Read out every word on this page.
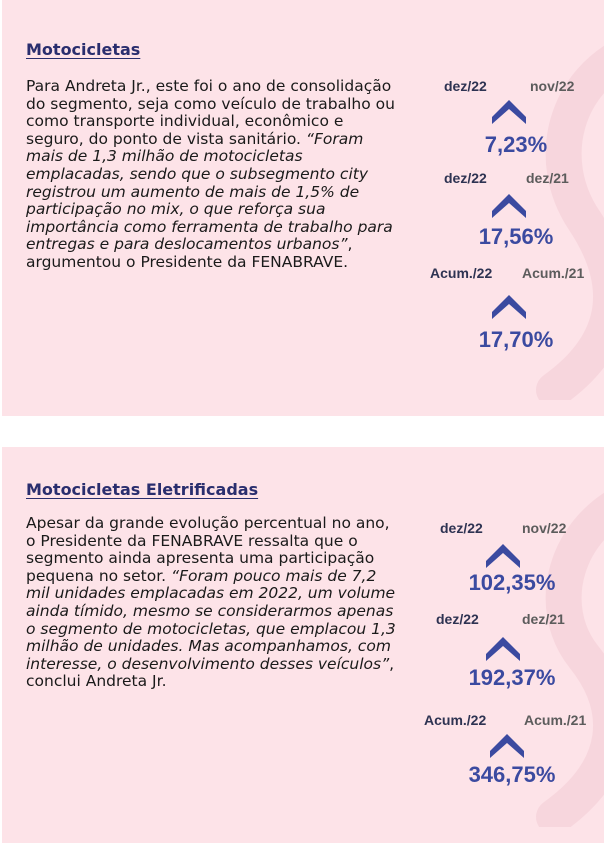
Motocicletas

Para Andreta Jr., este foi o ano de consolidação do segmento, seja como veículo de trabalho ou como transporte individual, econômico e seguro, do ponto de vista sanitário. “Foram mais de 1,3 milhão de motocicletas emplacadas, sendo que o subsegmento city registrou um aumento de mais de 1,5% de participação no mix, o que reforça sua importância como ferramenta de trabalho para entregas e para deslocamentos urbanos”, argumentou o Presidente da FENABRAVE.

dez/22	nov/22
7,23%
dez/22	dez/21
17,56%
Acum./22 Acum./21
17,70%
Motocicletas Eletrificadas

Apesar da grande evolução percentual no ano, o Presidente da FENABRAVE ressalta que o segmento ainda apresenta uma participação pequena no setor. “Foram pouco mais de 7,2 mil unidades emplacadas em 2022, um volume ainda tímido, mesmo se considerarmos apenas o segmento de motocicletas, que emplacou 1,3 milhão de unidades. Mas acompanhamos, com interesse, o desenvolvimento desses veículos”, conclui Andreta Jr.

dez/22	nov/22
102,35%
dez/22	dez/21
192,37%
Acum./22	Acum./21
346,75%
